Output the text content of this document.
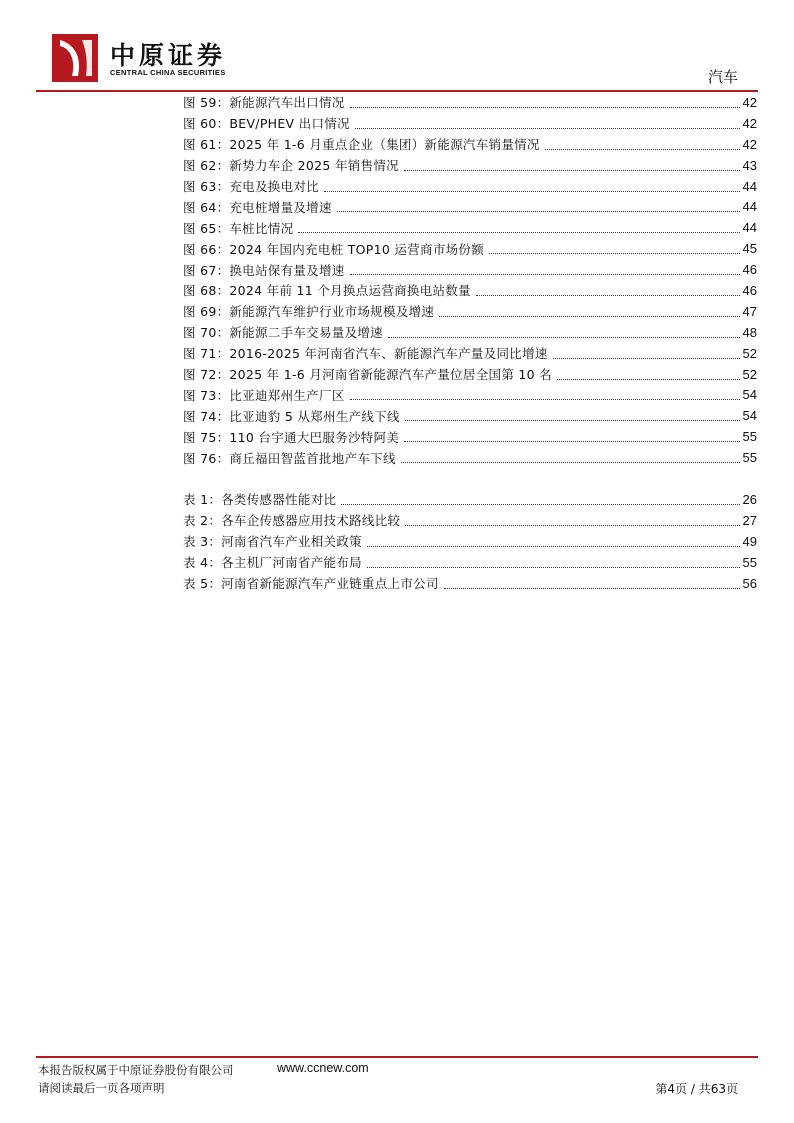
中原证券
CENTRAL CHINA SECURITIES	汽车
图 59：新能源汽车出口情况	42
图 60：BEV/PHEV 出口情况	42
图 61：2025 年 1-6 月重点企业（集团）新能源汽车销量情况	42
图 62：新势力车企 2025 年销售情况	43
图 63：充电及换电对比	44
图 64：充电桩增量及增速	44
图 65：车桩比情况	44
图 66：2024 年国内充电桩 TOP10 运营商市场份额	45
图 67：换电站保有量及增速	46
图 68：2024 年前 11 个月换点运营商换电站数量	46
图 69：新能源汽车维护行业市场规模及增速	47
图 70：新能源二手车交易量及增速	48
图 71：2016-2025 年河南省汽车、新能源汽车产量及同比增速	52
图 72：2025 年 1-6 月河南省新能源汽车产量位居全国第 10 名	52
图 73：比亚迪郑州生产厂区	54
图 74：比亚迪豹 5 从郑州生产线下线	54
图 75：110 台宇通大巴服务沙特阿美	55
图 76：商丘福田智蓝首批地产车下线	55
表 1：各类传感器性能对比	26
表 2：各车企传感器应用技术路线比较	27
表 3：河南省汽车产业相关政策	49
表 4：各主机厂河南省产能布局	55
表 5：河南省新能源汽车产业链重点上市公司	56
本报告版权属于中原证券股份有限公司	www.ccnew.com
请阅读最后一页各项声明	第4页 / 共63页
